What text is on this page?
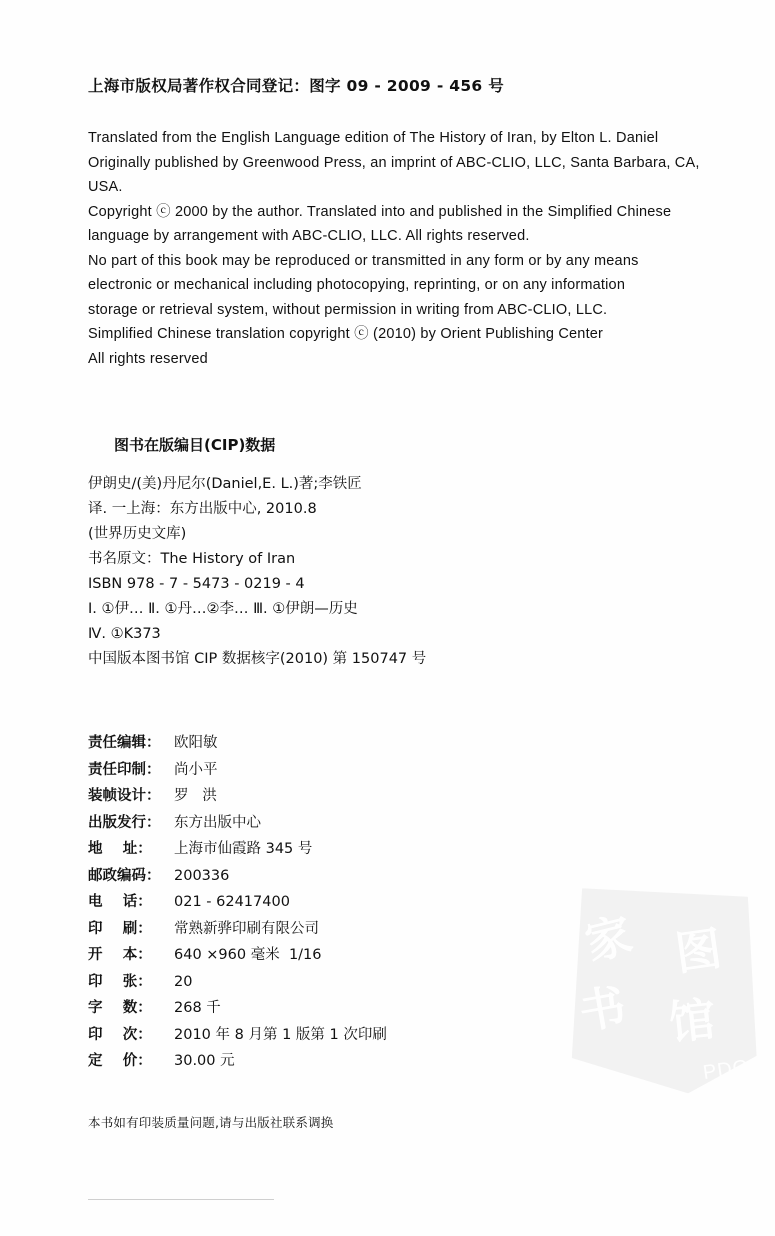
家 图
书 馆
PDG
上海市版权局著作权合同登记：图字 09 - 2009 - 456 号

Translated from the English Language edition of The History of Iran, by Elton L. Daniel

Originally published by Greenwood Press, an imprint of ABC-CLIO, LLC, Santa Barbara, CA,

USA.

Copyright ⓒ 2000 by the author. Translated into and published in the Simplified Chinese

language by arrangement with ABC-CLIO, LLC. All rights reserved.

No part of this book may be reproduced or transmitted in any form or by any means

electronic or mechanical including photocopying, reprinting, or on any information

storage or retrieval system, without permission in writing from ABC-CLIO, LLC.

Simplified Chinese translation copyright ⓒ (2010) by Orient Publishing Center

All rights reserved

图书在版编目(CIP)数据

伊朗史/(美)丹尼尔(Daniel,E. L.)著;李铁匠

译. 一上海：东方出版中心, 2010.8

(世界历史文库)

书名原文：The History of Iran

ISBN 978 - 7 - 5473 - 0219 - 4

Ⅰ. ①伊… Ⅱ. ①丹…②李… Ⅲ. ①伊朗—历史

Ⅳ. ①K373

中国版本图书馆 CIP 数据核字(2010) 第 150747 号

责任编辑： 欧阳敏
责任印制： 尚小平
装帧设计： 罗   洪
出版发行： 东方出版中心
地    址：	上海市仙霞路 345 号
邮政编码： 200336
电    话：	021 - 62417400
印    刷：	常熟新骅印刷有限公司
开    本：	640 ×960 毫米  1/16
印    张：	20
字    数：	268 千
印    次：	2010 年 8 月第 1 版第 1 次印刷
定    价：	30.00 元
本书如有印装质量问题,请与出版社联系调换
